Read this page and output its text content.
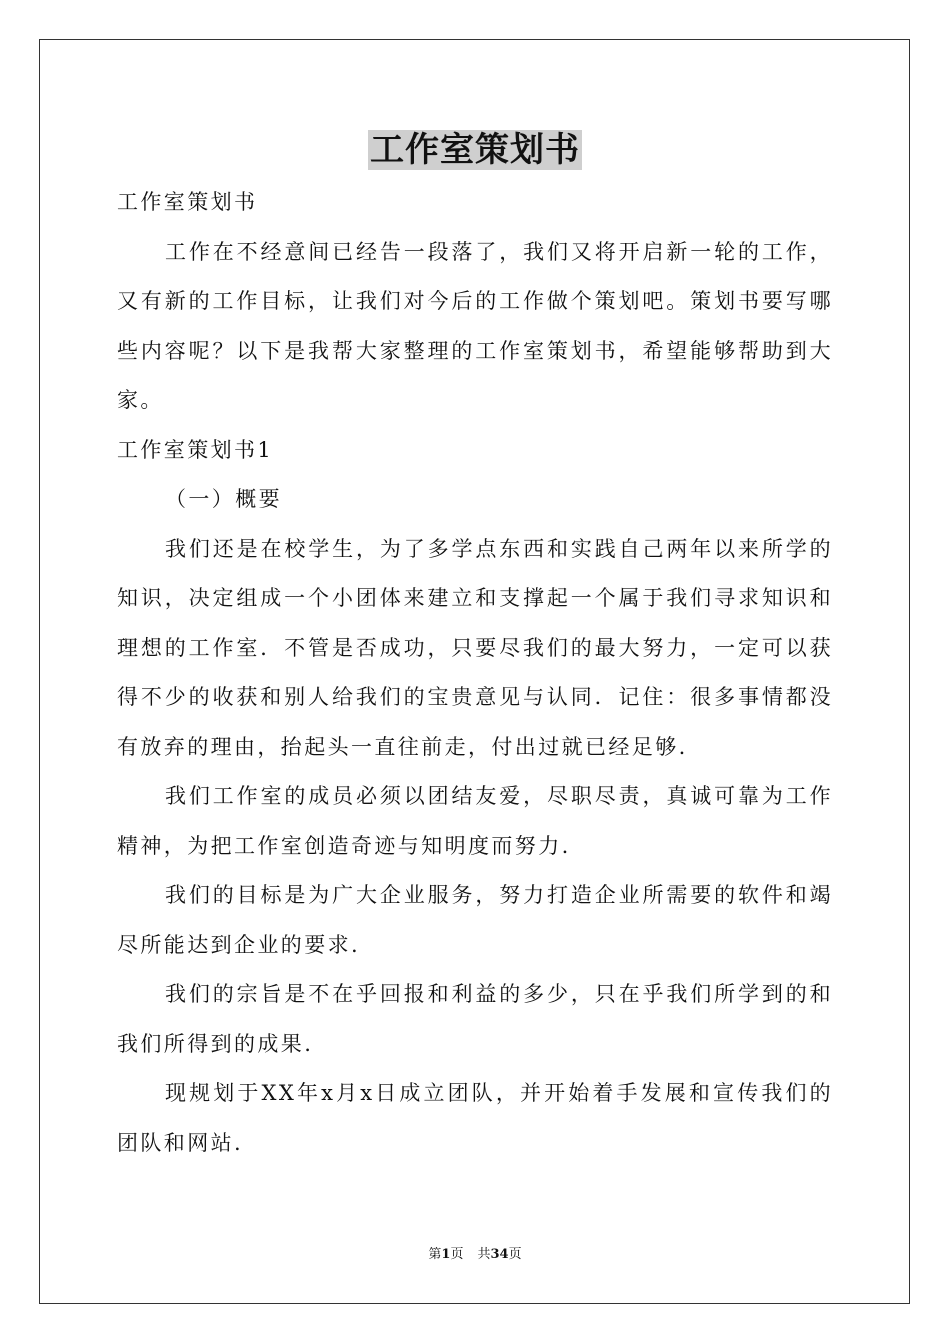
工作室策划书

工作室策划书

工作在不经意间已经告一段落了，我们又将开启新一轮的工作，又有新的工作目标，让我们对今后的工作做个策划吧。策划书要写哪些内容呢？以下是我帮大家整理的工作室策划书，希望能够帮助到大家。

工作室策划书1

（一）概要

我们还是在校学生，为了多学点东西和实践自己两年以来所学的知识，决定组成一个小团体来建立和支撑起一个属于我们寻求知识和理想的工作室．不管是否成功，只要尽我们的最大努力，一定可以获得不少的收获和别人给我们的宝贵意见与认同．记住：很多事情都没有放弃的理由，抬起头一直往前走，付出过就已经足够.

我们工作室的成员必须以团结友爱，尽职尽责，真诚可靠为工作精神，为把工作室创造奇迹与知明度而努力.

我们的目标是为广大企业服务，努力打造企业所需要的软件和竭尽所能达到企业的要求.

我们的宗旨是不在乎回报和利益的多少，只在乎我们所学到的和我们所得到的成果.

现规划于XX年x月x日成立团队，并开始着手发展和宣传我们的团队和网站.

第1页 共34页
